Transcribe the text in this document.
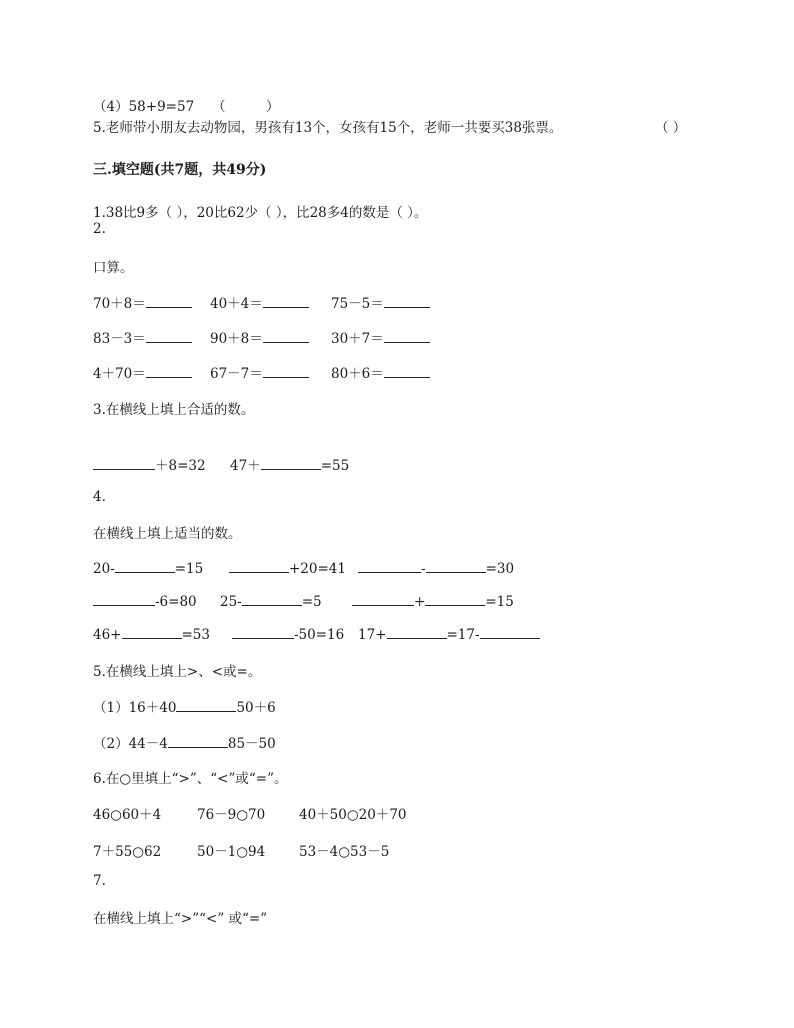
（4）58+9=57　 （　　　）
5.老师带小朋友去动物园，男孩有13个，女孩有15个，老师一共要买38张票。	（ ）
三.填空题(共7题，共49分)
1.38比9多（ ），20比62少（ ），比28多4的数是（ ）。
2.
口算。
70＋8＝	40＋4＝	75－5＝
83－3＝	90＋8＝	30＋7＝
4＋70＝	67－7＝	80＋6＝
3.在横线上填上合适的数。
＋8=32 47＋	=55
4.
在横线上填上适当的数。
20-	=15	+20=41	-	=30
-6=80 25-	=5	+	=15
46+	=53	-50=16 17+	=17-
5.在横线上填上>、<或=。
（1）16＋40	50＋6
（2）44－4	85－50
6.在○里填上“>”、“<”或“=”。
46○60＋4	76－9○70	40＋50○20＋70
7＋55○62	50－1○94	53－4○53－5
7.
在横线上填上“>”“<” 或“=”
